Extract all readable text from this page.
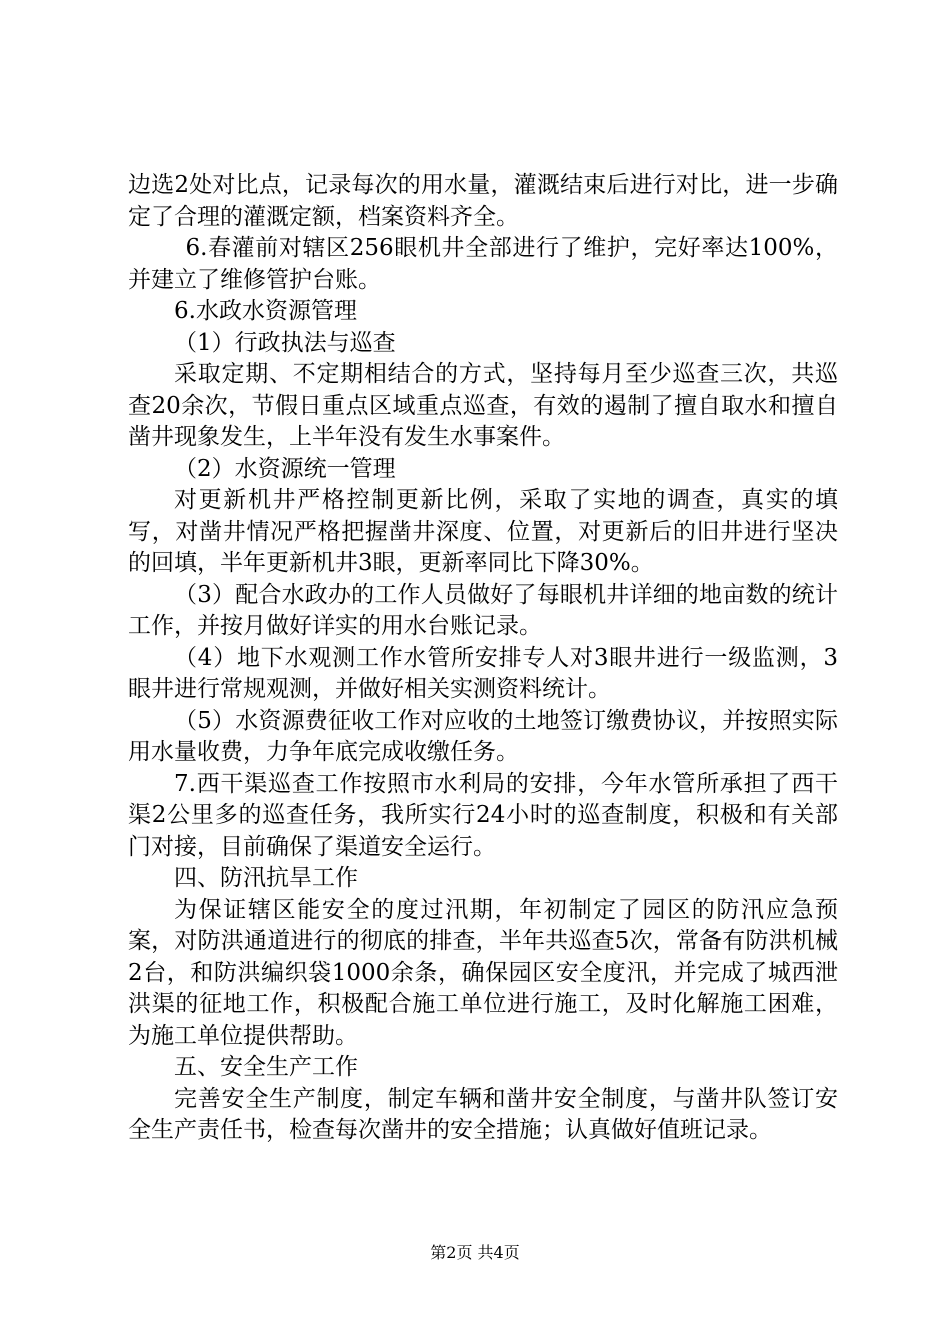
边选2处对比点，记录每次的用水量，灌溉结束后进行对比，进一步确定了合理的灌溉定额，档案资料齐全。

6.春灌前对辖区256眼机井全部进行了维护，完好率达100%，并建立了维修管护台账。

6.水政水资源管理

（1）行政执法与巡查

采取定期、不定期相结合的方式，坚持每月至少巡查三次，共巡查20余次，节假日重点区域重点巡查，有效的遏制了擅自取水和擅自凿井现象发生，上半年没有发生水事案件。

（2）水资源统一管理

对更新机井严格控制更新比例，采取了实地的调查，真实的填写，对凿井情况严格把握凿井深度、位置，对更新后的旧井进行坚决的回填，半年更新机井3眼，更新率同比下降30%。

（3）配合水政办的工作人员做好了每眼机井详细的地亩数的统计工作，并按月做好详实的用水台账记录。

（4）地下水观测工作水管所安排专人对3眼井进行一级监测，3眼井进行常规观测，并做好相关实测资料统计。

（5）水资源费征收工作对应收的土地签订缴费协议，并按照实际用水量收费，力争年底完成收缴任务。

7.西干渠巡查工作按照市水利局的安排，今年水管所承担了西干渠2公里多的巡查任务，我所实行24小时的巡查制度，积极和有关部门对接，目前确保了渠道安全运行。

四、防汛抗旱工作

为保证辖区能安全的度过汛期，年初制定了园区的防汛应急预案，对防洪通道进行的彻底的排查，半年共巡查5次，常备有防洪机械2台，和防洪编织袋1000余条，确保园区安全度汛，并完成了城西泄洪渠的征地工作，积极配合施工单位进行施工，及时化解施工困难，为施工单位提供帮助。

五、安全生产工作

完善安全生产制度，制定车辆和凿井安全制度，与凿井队签订安全生产责任书，检查每次凿井的安全措施；认真做好值班记录。

第2页 共4页
